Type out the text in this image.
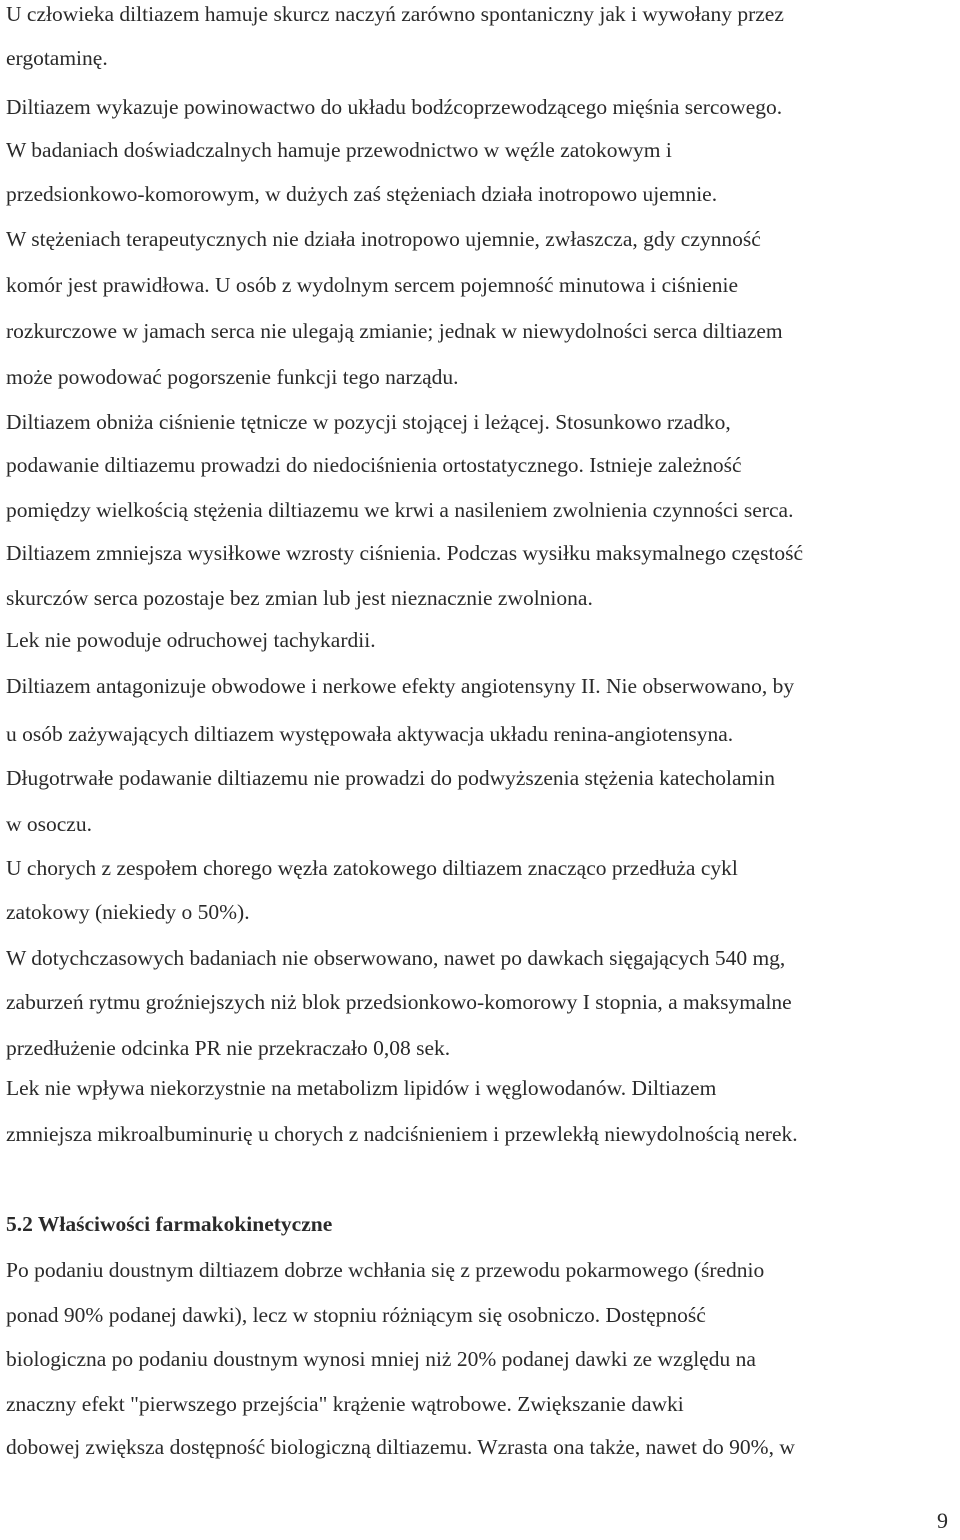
U człowieka diltiazem hamuje skurcz naczyń zarówno spontaniczny jak i wywołany przez
ergotaminę.
Diltiazem wykazuje powinowactwo do układu bodźcoprzewodzącego mięśnia sercowego.
W badaniach doświadczalnych hamuje przewodnictwo w węźle zatokowym i
przedsionkowo-komorowym, w dużych zaś stężeniach działa inotropowo ujemnie.
W stężeniach terapeutycznych nie działa inotropowo ujemnie, zwłaszcza, gdy czynność
komór jest prawidłowa. U osób z wydolnym sercem pojemność minutowa i ciśnienie
rozkurczowe w jamach serca nie ulegają zmianie; jednak w niewydolności serca diltiazem
może powodować pogorszenie funkcji tego narządu.
Diltiazem obniża ciśnienie tętnicze w pozycji stojącej i leżącej. Stosunkowo rzadko,
podawanie diltiazemu prowadzi do niedociśnienia ortostatycznego. Istnieje zależność
pomiędzy wielkością stężenia diltiazemu we krwi a nasileniem zwolnienia czynności serca.
Diltiazem zmniejsza wysiłkowe wzrosty ciśnienia. Podczas wysiłku maksymalnego częstość
skurczów serca pozostaje bez zmian lub jest nieznacznie zwolniona.
Lek nie powoduje odruchowej tachykardii.
Diltiazem antagonizuje obwodowe i nerkowe efekty angiotensyny II. Nie obserwowano, by
u osób zażywających diltiazem występowała aktywacja układu renina-angiotensyna.
Długotrwałe podawanie diltiazemu nie prowadzi do podwyższenia stężenia katecholamin
w osoczu.
U chorych z zespołem chorego węzła zatokowego diltiazem znacząco przedłuża cykl
zatokowy (niekiedy o 50%).
W dotychczasowych badaniach nie obserwowano, nawet po dawkach sięgających 540 mg,
zaburzeń rytmu groźniejszych niż blok przedsionkowo-komorowy I stopnia, a maksymalne
przedłużenie odcinka PR nie przekraczało 0,08 sek.
Lek nie wpływa niekorzystnie na metabolizm lipidów i węglowodanów. Diltiazem
zmniejsza mikroalbuminurię u chorych z nadciśnieniem i przewlekłą niewydolnością nerek.
5.2 Właściwości farmakokinetyczne
Po podaniu doustnym diltiazem dobrze wchłania się z przewodu pokarmowego (średnio
ponad 90% podanej dawki), lecz w stopniu różniącym się osobniczo. Dostępność
biologiczna po podaniu doustnym wynosi mniej niż 20% podanej dawki ze względu na
znaczny efekt "pierwszego przejścia" krążenie wątrobowe. Zwiększanie dawki
dobowej zwiększa dostępność biologiczną diltiazemu. Wzrasta ona także, nawet do 90%, w
9
